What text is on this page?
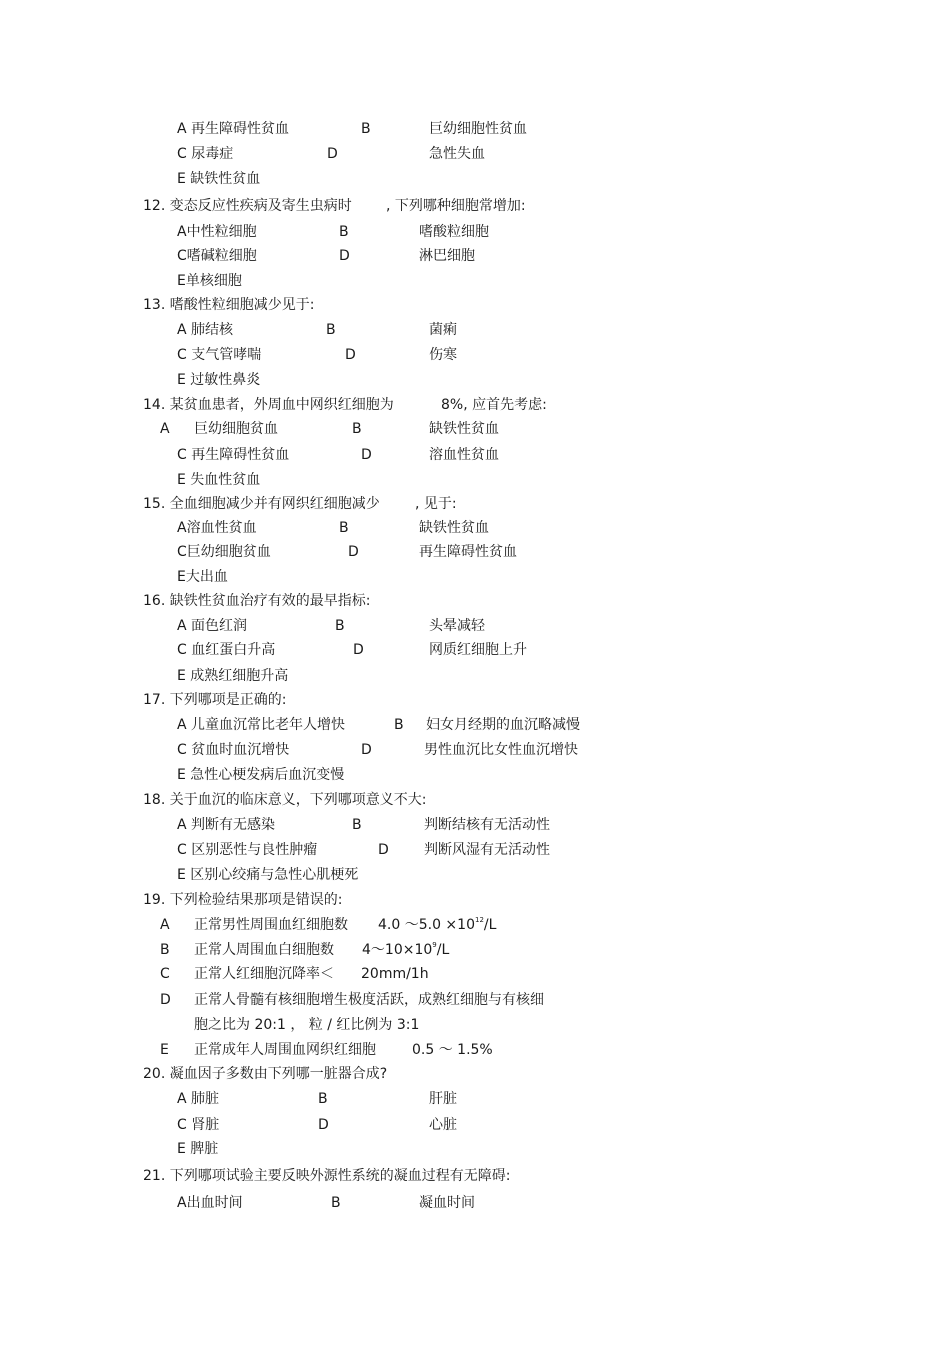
A 再生障碍性贫血	B	巨幼细胞性贫血
C 尿毒症	D	急性失血
E 缺铁性贫血
12. 变态反应性疾病及寄生虫病时 , 下列哪种细胞常增加:
A中性粒细胞	B	嗜酸粒细胞
C嗜碱粒细胞	D	淋巴细胞
E单核细胞
13. 嗜酸性粒细胞减少见于:
A 肺结核	B	菌痢
C 支气管哮喘	D	伤寒
E 过敏性鼻炎
14. 某贫血患者，外周血中网织红细胞为	8%, 应首先考虑:
A 巨幼细胞贫血	B	缺铁性贫血
C 再生障碍性贫血	D	溶血性贫血
E 失血性贫血
15. 全血细胞减少并有网织红细胞减少	, 见于:
A溶血性贫血	B	缺铁性贫血
C巨幼细胞贫血	D	再生障碍性贫血
E大出血
16. 缺铁性贫血治疗有效的最早指标:
A 面色红润	B	头晕减轻
C 血红蛋白升高	D	网质红细胞上升
E 成熟红细胞升高
17. 下列哪项是正确的:
A 儿童血沉常比老年人增快	B 妇女月经期的血沉略减慢
C 贫血时血沉增快	D	男性血沉比女性血沉增快
E 急性心梗发病后血沉变慢
18. 关于血沉的临床意义，下列哪项意义不大:
A 判断有无感染	B	判断结核有无活动性
C 区别恶性与良性肿瘤	D	判断风湿有无活动性
E 区别心绞痛与急性心肌梗死
19. 下列检验结果那项是错误的:
A 正常男性周围血红细胞数 4.0 ～5.0 $\times 10^{12}/L$
B 正常人周围血白细胞数 $4\sim 10\times 10^9/L$
C 正常人红细胞沉降率＜ 20mm/1h
D 正常人骨髓有核细胞增生极度活跃，成熟红细胞与有核细
胞之比为 20:1 ， 粒 / 红比例为 3:1
E 正常成年人周围血网织红细胞	0.5 ～ 1.5%
20. 凝血因子多数由下列哪一脏器合成?
A 肺脏	B	肝脏
C 肾脏	D	心脏
E 脾脏
21. 下列哪项试验主要反映外源性系统的凝血过程有无障碍:
A出血时间	B	凝血时间
